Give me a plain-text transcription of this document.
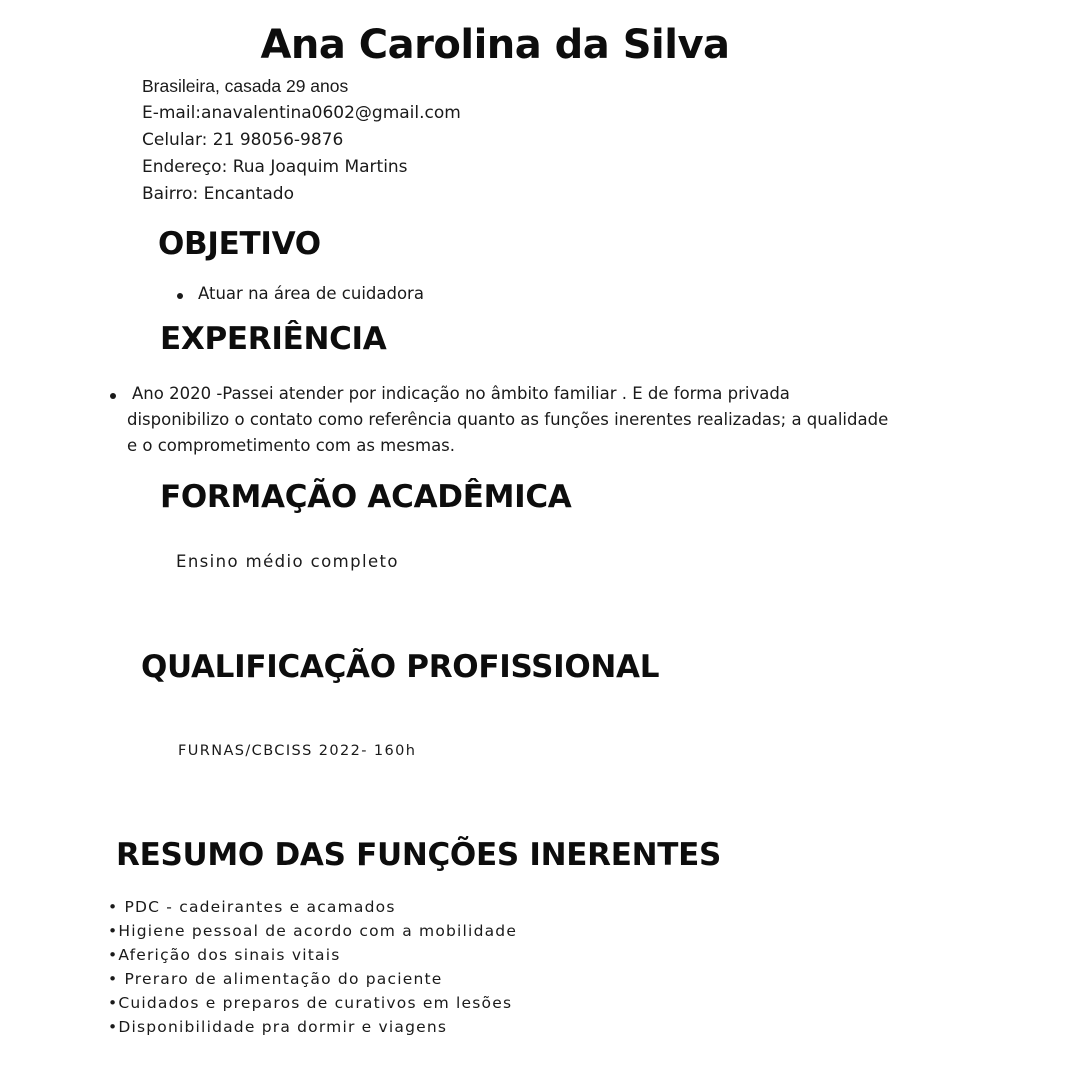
Ana Carolina da Silva
Brasileira, casada 29 anos
E-mail:anavalentina0602@gmail.com
Celular: 21 98056-9876
Endereço: Rua Joaquim Martins
Bairro: Encantado
OBJETIVO
Atuar na área de cuidadora
EXPERIÊNCIA
Ano 2020 -Passei atender por indicação no âmbito familiar . E de forma privada
disponibilizo o contato como referência quanto as funções inerentes realizadas; a qualidade
e o comprometimento com as mesmas.
FORMAÇÃO ACADÊMICA
Ensino médio completo
QUALIFICAÇÃO PROFISSIONAL
FURNAS/CBCISS 2022- 160h
RESUMO DAS FUNÇÕES INERENTES
• PDC - cadeirantes e acamados
•Higiene pessoal de acordo com a mobilidade
•Aferição dos sinais vitais
• Preraro de alimentação do paciente
•Cuidados e preparos de curativos em lesões
•Disponibilidade pra dormir e viagens
